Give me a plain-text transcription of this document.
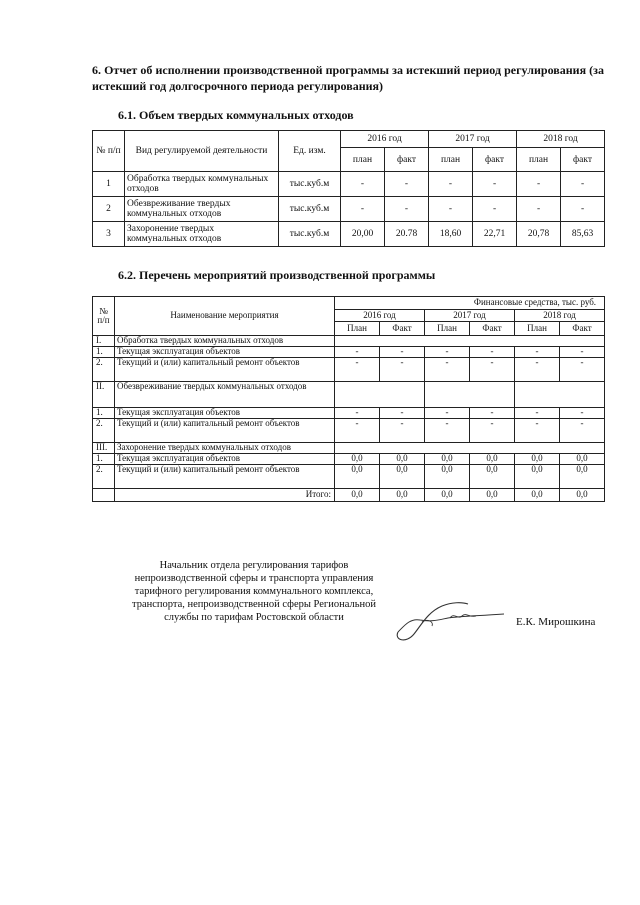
6. Отчет об исполнении производственной программы за истекший период регулирования (за истекший год долгосрочного периода регулирования)
6.1. Объем твердых коммунальных отходов
№ п/п	Вид регулируемой деятельности	Ед. изм.	2016 год		2017 год		2018 год	
			план	факт	план	факт	план	факт
1	Обработка твердых коммунальных отходов	тыс.куб.м	-	-	-	-	-	-
2	Обезвреживание твердых коммунальных отходов	тыс.куб.м	-	-	-	-	-	-
3	Захоронение твердых коммунальных отходов	тыс.куб.м	20,00	20.78	18,60	22,71	20,78	85,63
6.2. Перечень мероприятий производственной программы
№ п/п	Наименование мероприятия	Финансовые средства, тыс. руб.					
		2016 год		2017 год		2018 год	
		План	Факт	План	Факт	План	Факт
I.	Обработка твердых коммунальных отходов						
1.	Текущая эксплуатация объектов	-	-	-	-	-	-
2.	Текущий и (или) капитальный ремонт объектов	-	-	-	-	-	-
II.	Обезвреживание твердых коммунальных отходов						
1.	Текущая эксплуатация объектов	-	-	-	-	-	-
2.	Текущий и (или) капитальный ремонт объектов	-	-	-	-	-	-
III.	Захоронение твердых коммунальных отходов						
1.	Текущая эксплуатация объектов	0,0	0,0	0,0	0,0	0,0	0,0
2.	Текущий и (или) капитальный ремонт объектов	0,0	0,0	0,0	0,0	0,0	0,0
	Итого:	0,0	0,0	0,0	0,0	0,0	0,0
Начальник отдела регулирования тарифов
непроизводственной сферы и транспорта управления
тарифного регулирования коммунального комплекса,
транспорта, непроизводственной сферы Региональной
службы по тарифам Ростовской области	Е.К. Мирошкина
